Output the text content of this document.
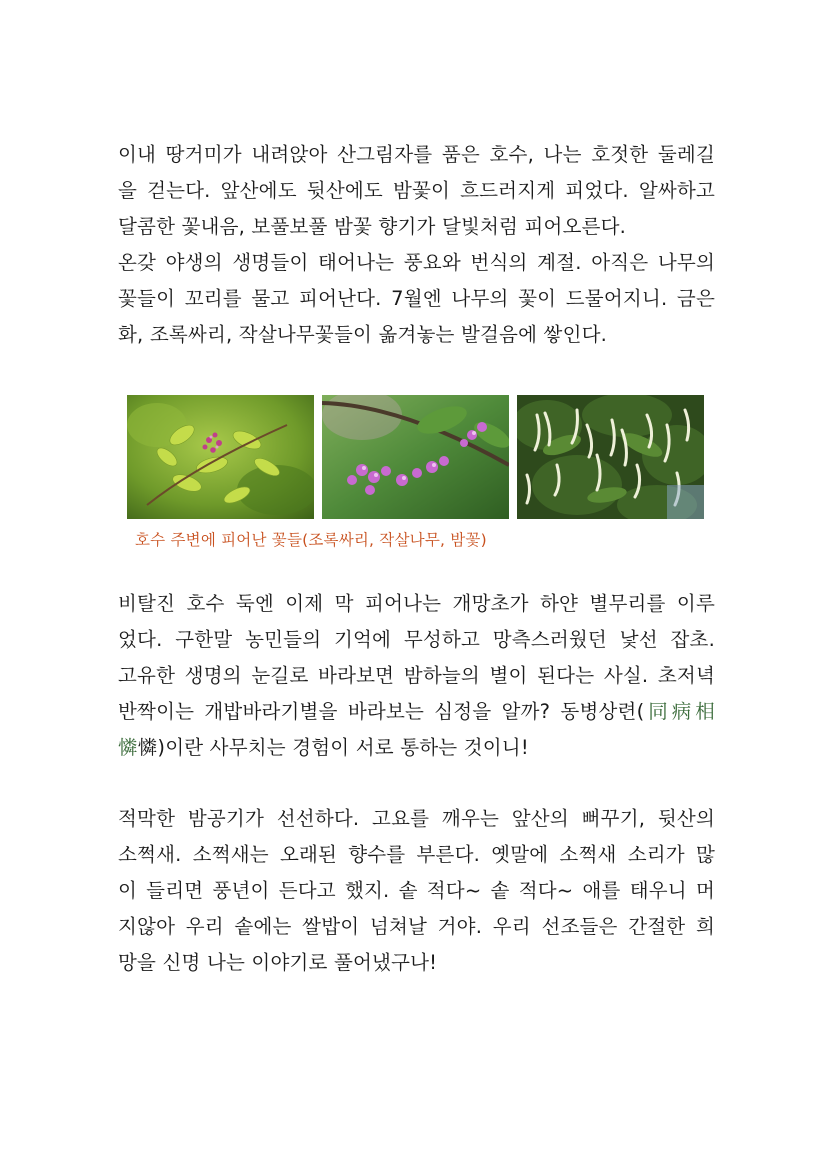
이내 땅거미가 내려앉아 산그림자를 품은 호수, 나는 호젓한 둘레길
을 걷는다. 앞산에도 뒷산에도 밤꽃이 흐드러지게 피었다. 알싸하고
달콤한 꽃내음, 보풀보풀 밤꽃 향기가 달빛처럼 피어오른다.
온갖 야생의 생명들이 태어나는 풍요와 번식의 계절. 아직은 나무의
꽃들이 꼬리를 물고 피어난다. 7월엔 나무의 꽃이 드물어지니. 금은
화, 조록싸리, 작살나무꽃들이 옮겨놓는 발걸음에 쌓인다.
호수 주변에 피어난 꽃들(조록싸리, 작살나무, 밤꽃)
비탈진 호수 둑엔 이제 막 피어나는 개망초가 하얀 별무리를 이루
었다. 구한말 농민들의 기억에 무성하고 망측스러웠던 낯선 잡초.
고유한 생명의 눈길로 바라보면 밤하늘의 별이 된다는 사실. 초저녁
반짝이는 개밥바라기별을 바라보는 심정을 알까? 동병상련(同病相
憐憐)이란 사무치는 경험이 서로 통하는 것이니!
적막한 밤공기가 선선하다. 고요를 깨우는 앞산의 뻐꾸기, 뒷산의
소쩍새. 소쩍새는 오래된 향수를 부른다. 옛말에 소쩍새 소리가 많
이 들리면 풍년이 든다고 했지. 솥 적다~ 솥 적다~ 애를 태우니 머
지않아 우리 솥에는 쌀밥이 넘쳐날 거야. 우리 선조들은 간절한 희
망을 신명 나는 이야기로 풀어냈구나!
